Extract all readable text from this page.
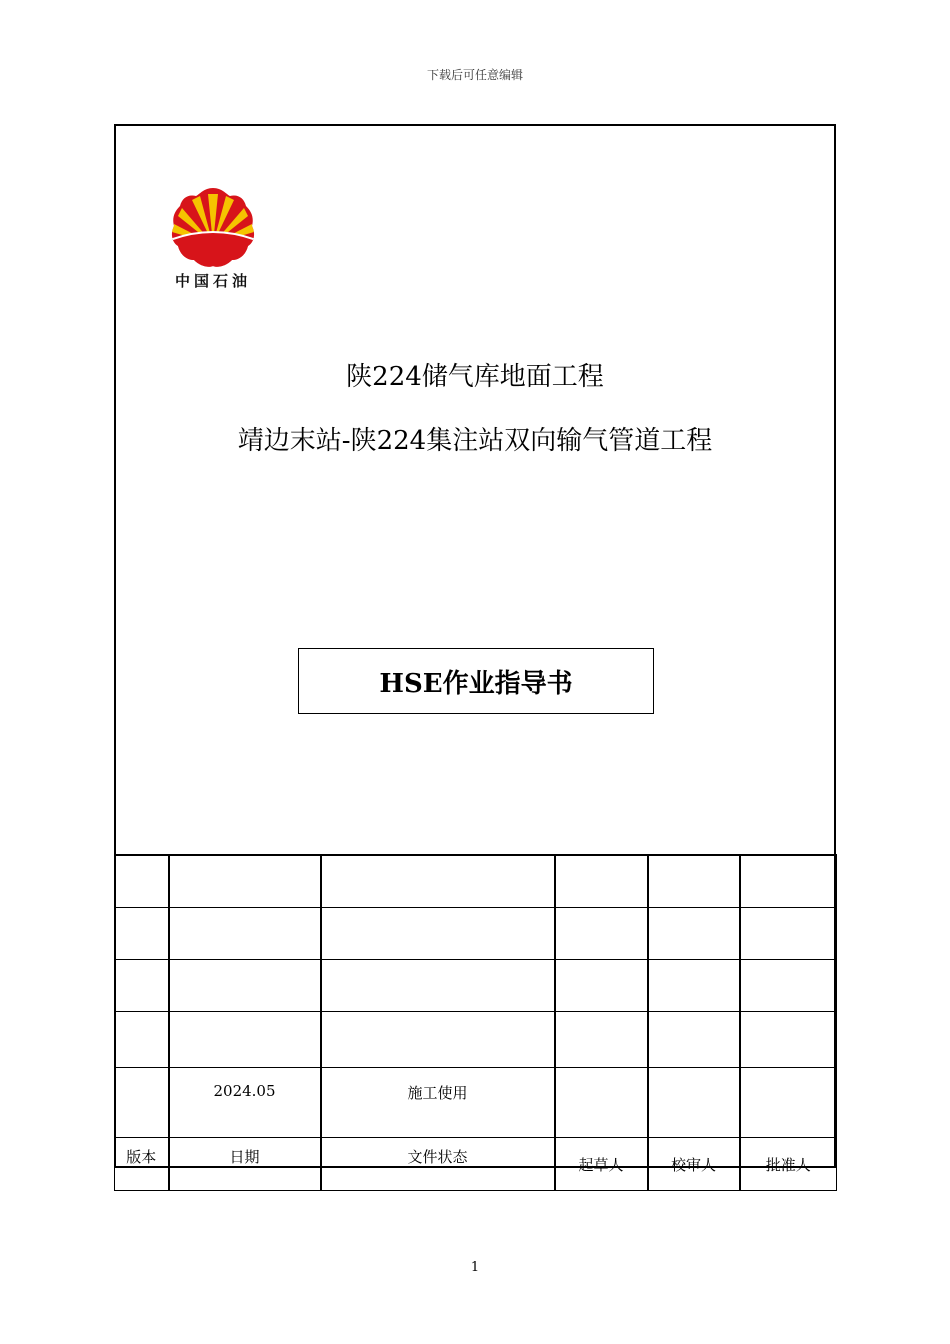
下载后可任意编辑
中国石油
陕224储气库地面工程
靖边末站-陕224集注站双向输气管道工程
HSE作业指导书

	2024.05	施工使用			
版本	日期	文件状态	起草人	校审人	批准人
1
